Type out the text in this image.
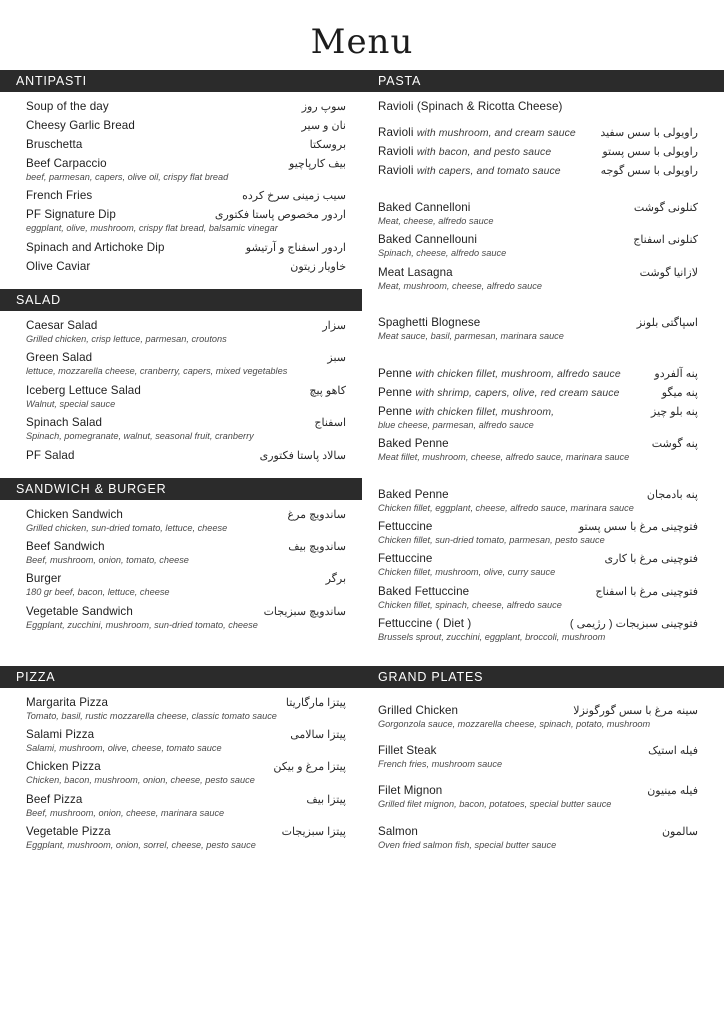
Menu
ANTIPASTI	PASTA
Soup of the day	سوپ روز
Cheesy Garlic Bread	نان و سیر
Bruschetta	بروسکتا
Beef Carpaccio	بیف کارپاچیو
beef, parmesan, capers, olive oil, crispy flat bread
French Fries	سیب زمینی سرخ کرده
PF Signature Dip	اردور مخصوص پاستا فکتوری
eggplant, olive, mushroom, crispy flat bread, balsamic vinegar
Spinach and Artichoke Dip	اردور اسفناج و آرتیشو
Olive Caviar	خاویار زیتون
SALAD
Caesar Salad	سزار
Grilled chicken, crisp lettuce, parmesan, croutons
Green Salad	سبز
lettuce, mozzarella cheese, cranberry, capers, mixed vegetables
Iceberg Lettuce Salad	کاهو پیچ
Walnut, special sauce
Spinach Salad	اسفناج
Spinach, pomegranate, walnut, seasonal fruit, cranberry
PF Salad	سالاد پاستا فکتوری
SANDWICH & BURGER
Chicken Sandwich	ساندویچ مرغ
Grilled chicken, sun-dried tomato, lettuce, cheese
Beef Sandwich	ساندویچ بیف
Beef, mushroom, onion, tomato, cheese
Burger	برگر
180 gr beef, bacon, lettuce, cheese
Vegetable Sandwich	ساندویچ سبزیجات
Eggplant, zucchini, mushroom, sun-dried tomato, cheese
Ravioli (Spinach & Ricotta Cheese)
Ravioli with mushroom, and cream sauce	راویولی با سس سفید
Ravioli with bacon, and pesto sauce	راویولی با سس پستو
Ravioli with capers, and tomato sauce	راویولی با سس گوجه
Baked Cannelloni	کنلونی گوشت
Meat, cheese, alfredo sauce
Baked Cannellouni	کنلونی اسفناج
Spinach, cheese, alfredo sauce
Meat Lasagna	لازانیا گوشت
Meat, mushroom, cheese, alfredo sauce
Spaghetti Blognese	اسپاگتی بلونز
Meat sauce, basil, parmesan, marinara sauce
Penne with chicken fillet, mushroom, alfredo sauce	پنه آلفردو
Penne with shrimp, capers, olive, red cream sauce	پنه میگو
Penne with chicken fillet, mushroom,	پنه بلو چیز
blue cheese, parmesan, alfredo sauce
Baked Penne	پنه گوشت
Meat fillet, mushroom, cheese, alfredo sauce, marinara sauce
Baked Penne	پنه بادمجان
Chicken fillet, eggplant, cheese, alfredo sauce, marinara sauce
Fettuccine	فتوچینی مرغ با سس پستو
Chicken fillet, sun-dried tomato, parmesan, pesto sauce
Fettuccine	فتوچینی مرغ با کاری
Chicken fillet, mushroom, olive, curry sauce
Baked Fettuccine	فتوچینی مرغ با اسفناج
Chicken fillet, spinach, cheese, alfredo sauce
Fettuccine ( Diet )	فتوچینی سبزیجات ( رژیمی )
Brussels sprout, zucchini, eggplant, broccoli, mushroom
PIZZA	GRAND PLATES
Margarita Pizza	پیتزا مارگاریتا
Tomato, basil, rustic mozzarella cheese, classic tomato sauce
Salami Pizza	پیتزا سالامی
Salami, mushroom, olive, cheese, tomato sauce
Chicken Pizza	پیتزا مرغ و بیکن
Chicken, bacon, mushroom, onion, cheese, pesto sauce
Beef Pizza	پیتزا بیف
Beef, mushroom, onion, cheese, marinara sauce
Vegetable Pizza	پیتزا سبزیجات
Eggplant, mushroom, onion, sorrel, cheese, pesto sauce
Grilled Chicken	سینه مرغ با سس گورگونزلا
Gorgonzola sauce, mozzarella cheese, spinach, potato, mushroom
Fillet Steak	فیله استیک
French fries, mushroom sauce
Filet Mignon	فیله مینیون
Grilled filet mignon, bacon, potatoes, special butter sauce
Salmon	سالمون
Oven fried salmon fish, special butter sauce
